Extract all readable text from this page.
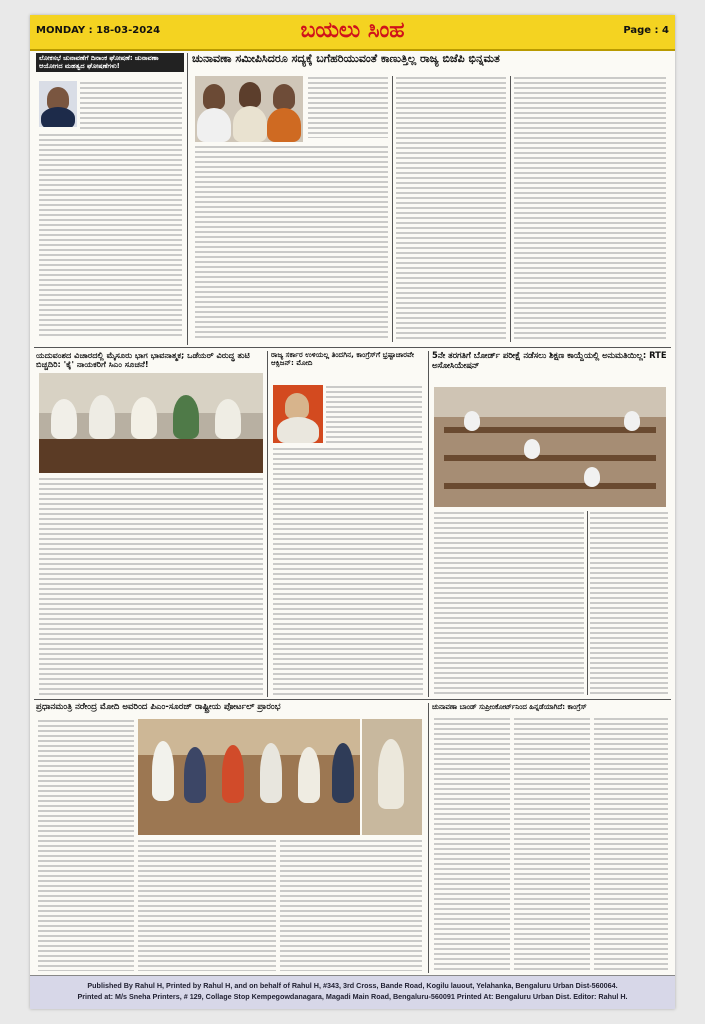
MONDAY : 18-03-2024	ಬಯಲು ಸಿಂಹ	Page : 4
ಲೋಕಸಭೆ ಚುನಾವಣೆಗೆ ದಿನಾಂಕ ಘೋಷಣೆ: ಚುನಾವಣಾ ಆಯೋಗದ ಮಹತ್ವದ ಘೋಷಣೆಗಳು!
ಚುನಾವಣಾ ಸಮೀಪಿಸಿದರೂ ಸದ್ಯಕ್ಕೆ ಬಗೆಹರಿಯುವಂತೆ ಕಾಣುತ್ತಿಲ್ಲ ರಾಜ್ಯ ಬಿಜೆಪಿ ಭಿನ್ನಮತ
ಯದುವಂಶದ ವಿಚಾರದಲ್ಲಿ ಮೈಸೂರು ಭಾಗ ಭಾವನಾತ್ಮಕ; ಒಡೆಯರ್ ವಿರುದ್ಧ ತುಟಿ ಬಿಚ್ಚದಿರಿ: 'ಕೈ' ನಾಯಕರಿಗೆ ಸಿಎಂ ಸೂಚನೆ!
ರಾಜ್ಯ ಸರ್ಕಾರ ಉಳಿಯಲ್ಲ ತಿಂದಗಿನ, ಕಾಂಗ್ರೆಸ್‌ಗೆ ಭ್ರಷ್ಟಾಚಾರವೇ ಆಕ್ಸಿಜನ್: ಮೋದಿ
5ನೇ ತರಗತಿಗೆ ಬೋರ್ಡ್ ಪರೀಕ್ಷೆ ನಡೆಸಲು ಶಿಕ್ಷಣ ಕಾಯ್ದೆಯಲ್ಲಿ ಅನುಮತಿಯಿಲ್ಲ: RTE ಅಸೋಸಿಯೇಷನ್
ಪ್ರಧಾನಮಂತ್ರಿ ನರೇಂದ್ರ ಮೋದಿ ಅವರಿಂದ ಪಿಎಂ-ಸೂರಜ್ ರಾಷ್ಟ್ರೀಯ ಪೋರ್ಟಲ್ ಪ್ರಾರಂಭ	ಚುನಾವಣಾ ಬಾಂಡ್‌ ಸುಪ್ರೀಂಕೋರ್ಟ್‌ನಿಂದ ಹಿನ್ನಡೆಯಾಗಿದೆ: ಕಾಂಗ್ರೆಸ್
Published By Rahul H, Printed by Rahul H, and on behalf of Rahul H, #343, 3rd Cross, Bande Road, Kogilu lauout, Yelahanka, Bengaluru Urban Dist-560064.
Printed at: M/s Sneha Printers, # 129, Collage Stop Kempegowdanagara, Magadi Main Road, Bengaluru-560091 Printed At: Bengaluru Urban Dist. Editor: Rahul H.
